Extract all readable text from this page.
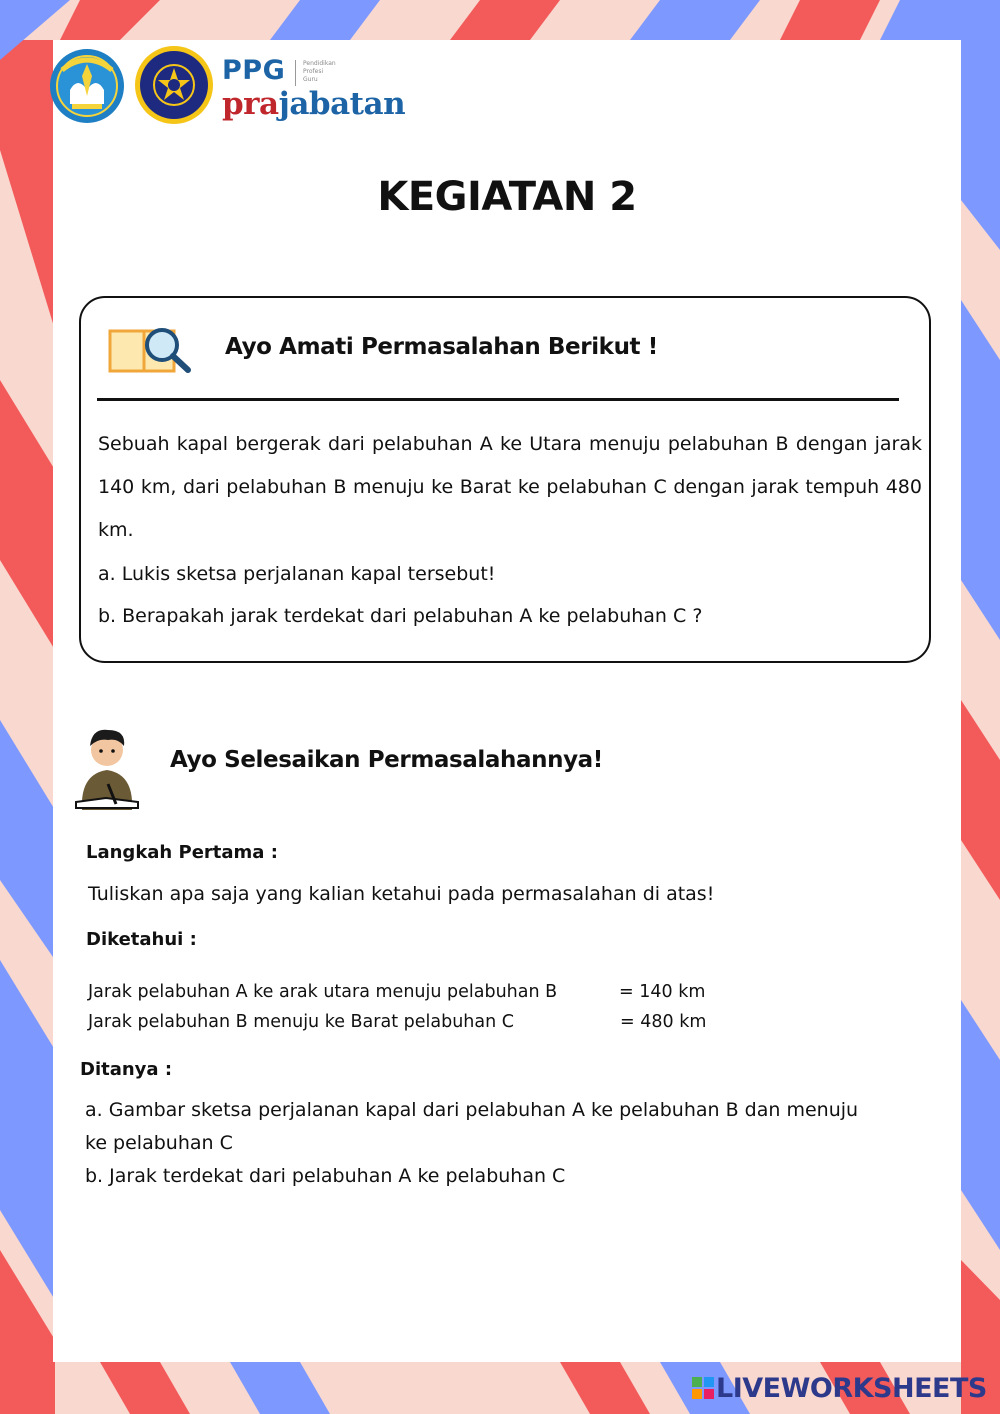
PPG	Pendidikan
Profesi
Guru
prajabatan
KEGIATAN 2
Ayo Amati Permasalahan Berikut !
Sebuah kapal bergerak dari pelabuhan A ke Utara menuju pelabuhan B dengan jarak 140 km, dari pelabuhan B menuju ke Barat ke pelabuhan C dengan jarak tempuh 480 km.
a. Lukis sketsa perjalanan kapal tersebut!
b. Berapakah jarak terdekat dari pelabuhan A ke pelabuhan C ?
Ayo Selesaikan Permasalahannya!
Langkah Pertama :
Tuliskan apa saja yang kalian ketahui pada permasalahan di atas!
Diketahui :
Jarak pelabuhan A ke arak utara menuju pelabuhan B	= 140 km
Jarak pelabuhan B menuju ke Barat pelabuhan C	= 480 km
Ditanya :
a. Gambar sketsa perjalanan kapal dari pelabuhan A ke pelabuhan B dan menuju
ke pelabuhan C
b. Jarak terdekat dari pelabuhan A ke pelabuhan C
LIVEWORKSHEETS
